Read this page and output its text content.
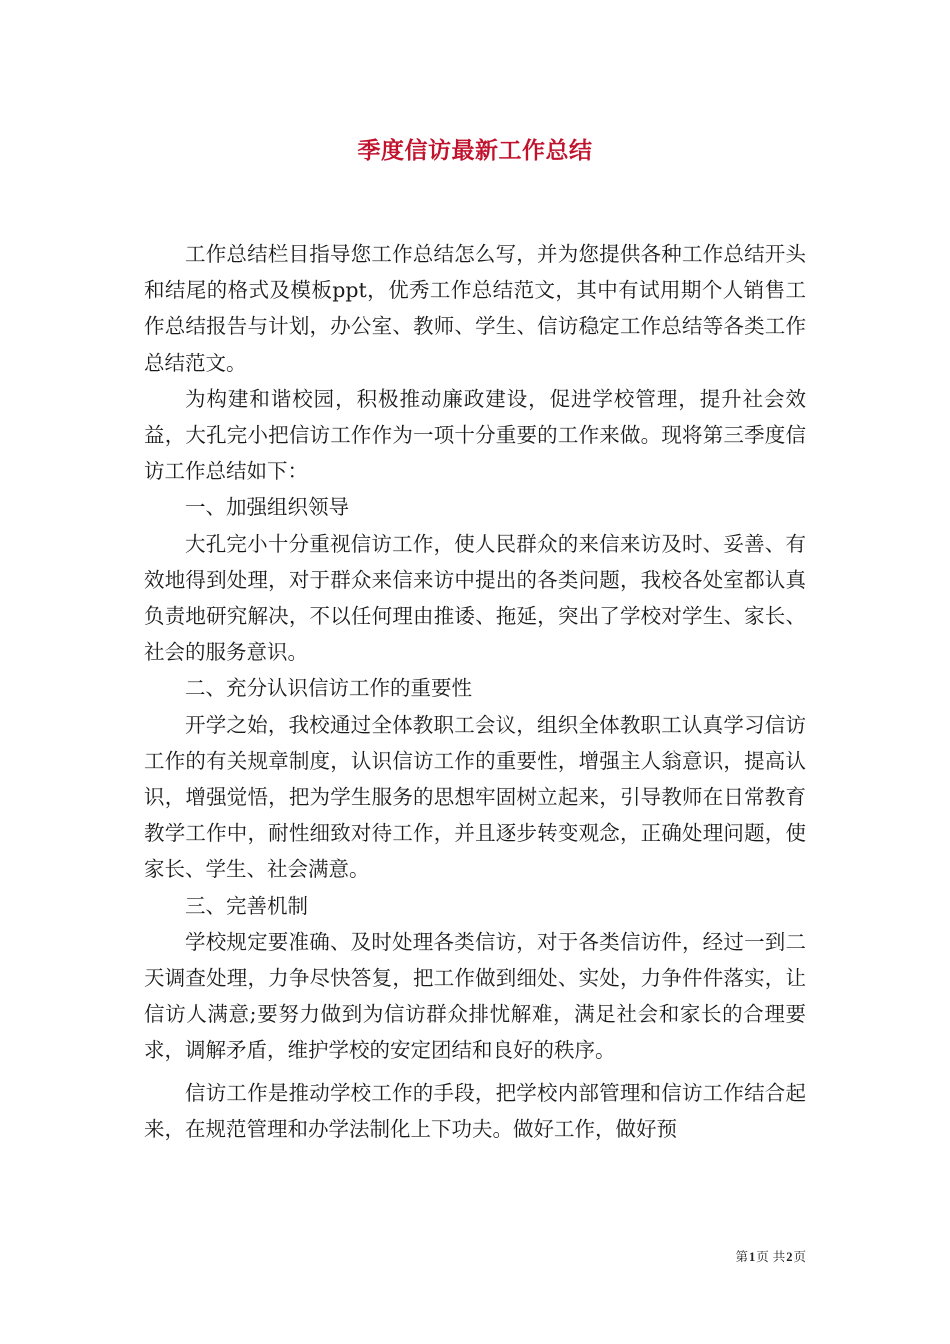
季度信访最新工作总结

工作总结栏目指导您工作总结怎么写，并为您提供各种工作总结开头和结尾的格式及模板ppt，优秀工作总结范文，其中有试用期个人销售工作总结报告与计划，办公室、教师、学生、信访稳定工作总结等各类工作总结范文。

为构建和谐校园，积极推动廉政建设，促进学校管理，提升社会效益，大孔完小把信访工作作为一项十分重要的工作来做。现将第三季度信访工作总结如下：

一、加强组织领导

大孔完小十分重视信访工作，使人民群众的来信来访及时、妥善、有效地得到处理，对于群众来信来访中提出的各类问题，我校各处室都认真负责地研究解决，不以任何理由推诿、拖延，突出了学校对学生、家长、社会的服务意识。

二、充分认识信访工作的重要性

开学之始，我校通过全体教职工会议，组织全体教职工认真学习信访工作的有关规章制度，认识信访工作的重要性，增强主人翁意识，提高认识，增强觉悟，把为学生服务的思想牢固树立起来，引导教师在日常教育教学工作中，耐性细致对待工作，并且逐步转变观念，正确处理问题，使家长、学生、社会满意。

三、完善机制

学校规定要准确、及时处理各类信访，对于各类信访件，经过一到二天调查处理，力争尽快答复，把工作做到细处、实处，力争件件落实，让信访人满意;要努力做到为信访群众排忧解难，满足社会和家长的合理要求，调解矛盾，维护学校的安定团结和良好的秩序。

信访工作是推动学校工作的手段，把学校内部管理和信访工作结合起来，在规范管理和办学法制化上下功夫。做好工作，做好预

第1页 共2页
